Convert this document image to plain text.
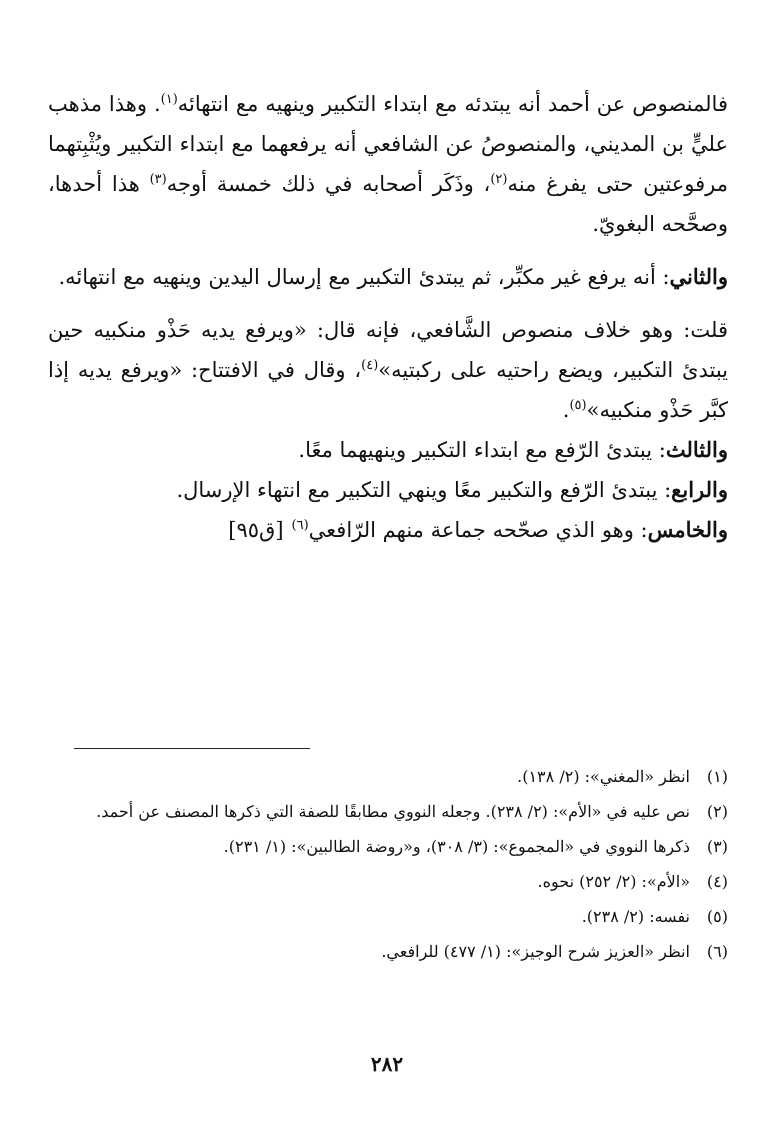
فالمنصوص عن أحمد أنه يبتدئه مع ابتداء التكبير وينهيه مع انتهائه$^{(١)}$. وهذا مذهب عليٍّ بن المديني، والمنصوصُ عن الشافعي أنه يرفعهما مع ابتداء التكبير ويُثْبِتهما مرفوعتين حتى يفرغ منه$^{(٢)}$، وذَكَر أصحابه في ذلك خمسة أوجه$^{(٣)}$ هذا أحدها، وصحَّحه البغويّ.

والثاني: أنه يرفع غير مكبِّر، ثم يبتدئ التكبير مع إرسال اليدين وينهيه مع انتهائه.

قلت: وهو خلاف منصوص الشَّافعي، فإنه قال: «ويرفع يديه حَذْو منكبيه حين يبتدئ التكبير، ويضع راحتيه على ركبتيه»$^{(٤)}$، وقال في الافتتاح: «ويرفع يديه إذا كبَّر حَذْو منكبيه»$^{(٥)}$.

والثالث: يبتدئ الرّفع مع ابتداء التكبير وينهيهما معًا.

والرابع: يبتدئ الرّفع والتكبير معًا وينهي التكبير مع انتهاء الإرسال.

والخامس: وهو الذي صحّحه جماعة منهم الرّافعي$^{(٦)}$[ق٩٥]

(١)
انظر «المغني»: (٢/ ١٣٨).
(٢)
نص عليه في «الأم»: (٢/ ٢٣٨). وجعله النووي مطابقًا للصفة التي ذكرها المصنف عن أحمد.
(٣)
ذكرها النووي في «المجموع»: (٣/ ٣٠٨)، و«روضة الطالبين»: (١/ ٢٣١).
(٤)
«الأم»: (٢/ ٢٥٢) نحوه.
(٥)
نفسه: (٢/ ٢٣٨).
(٦)
انظر «العزيز شرح الوجيز»: (١/ ٤٧٧) للرافعي.
٢٨٢
